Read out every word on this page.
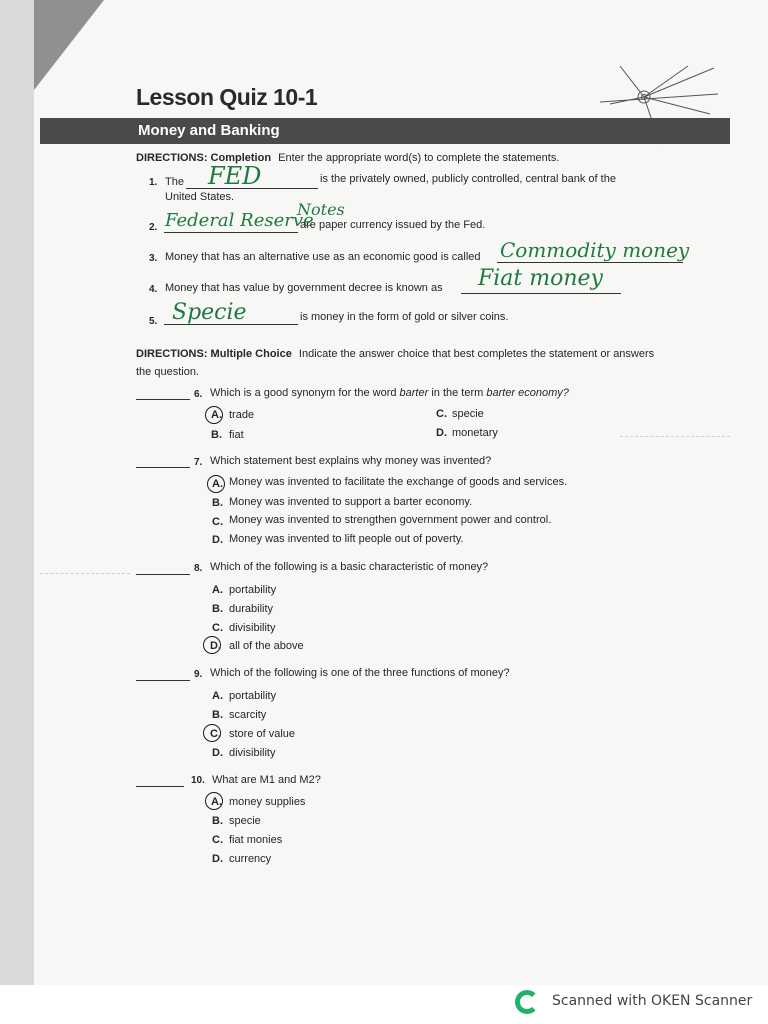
Lesson Quiz 10-1
Money and Banking
DIRECTIONS: Completion Enter the appropriate word(s) to complete the statements.
1. The FED	is the privately owned, publicly controlled, central bank of the
United States.
2. Federal Reserve
Notes
are paper currency issued by the Fed.
3. Money that has an alternative use as an economic good is called Commodity money
4. Money that has value by government decree is known as Fiat money
5. Specie	is money in the form of gold or silver coins.
DIRECTIONS: Multiple Choice Indicate the answer choice that best completes the statement or answers
the question.
6. Which is a good synonym for the word barter in the term barter economy?
A. trade
B. fiat
C. specie
D. monetary
7. Which statement best explains why money was invented?
A. Money was invented to facilitate the exchange of goods and services.
B. Money was invented to support a barter economy.
C. Money was invented to strengthen government power and control.
D. Money was invented to lift people out of poverty.
8. Which of the following is a basic characteristic of money?
A. portability
B. durability
C. divisibility
D. all of the above
9. Which of the following is one of the three functions of money?
A. portability
B. scarcity
C. store of value
D. divisibility
10. What are M1 and M2?
A. money supplies
B. specie
C. fiat monies
D. currency
Scanned with OKEN Scanner
